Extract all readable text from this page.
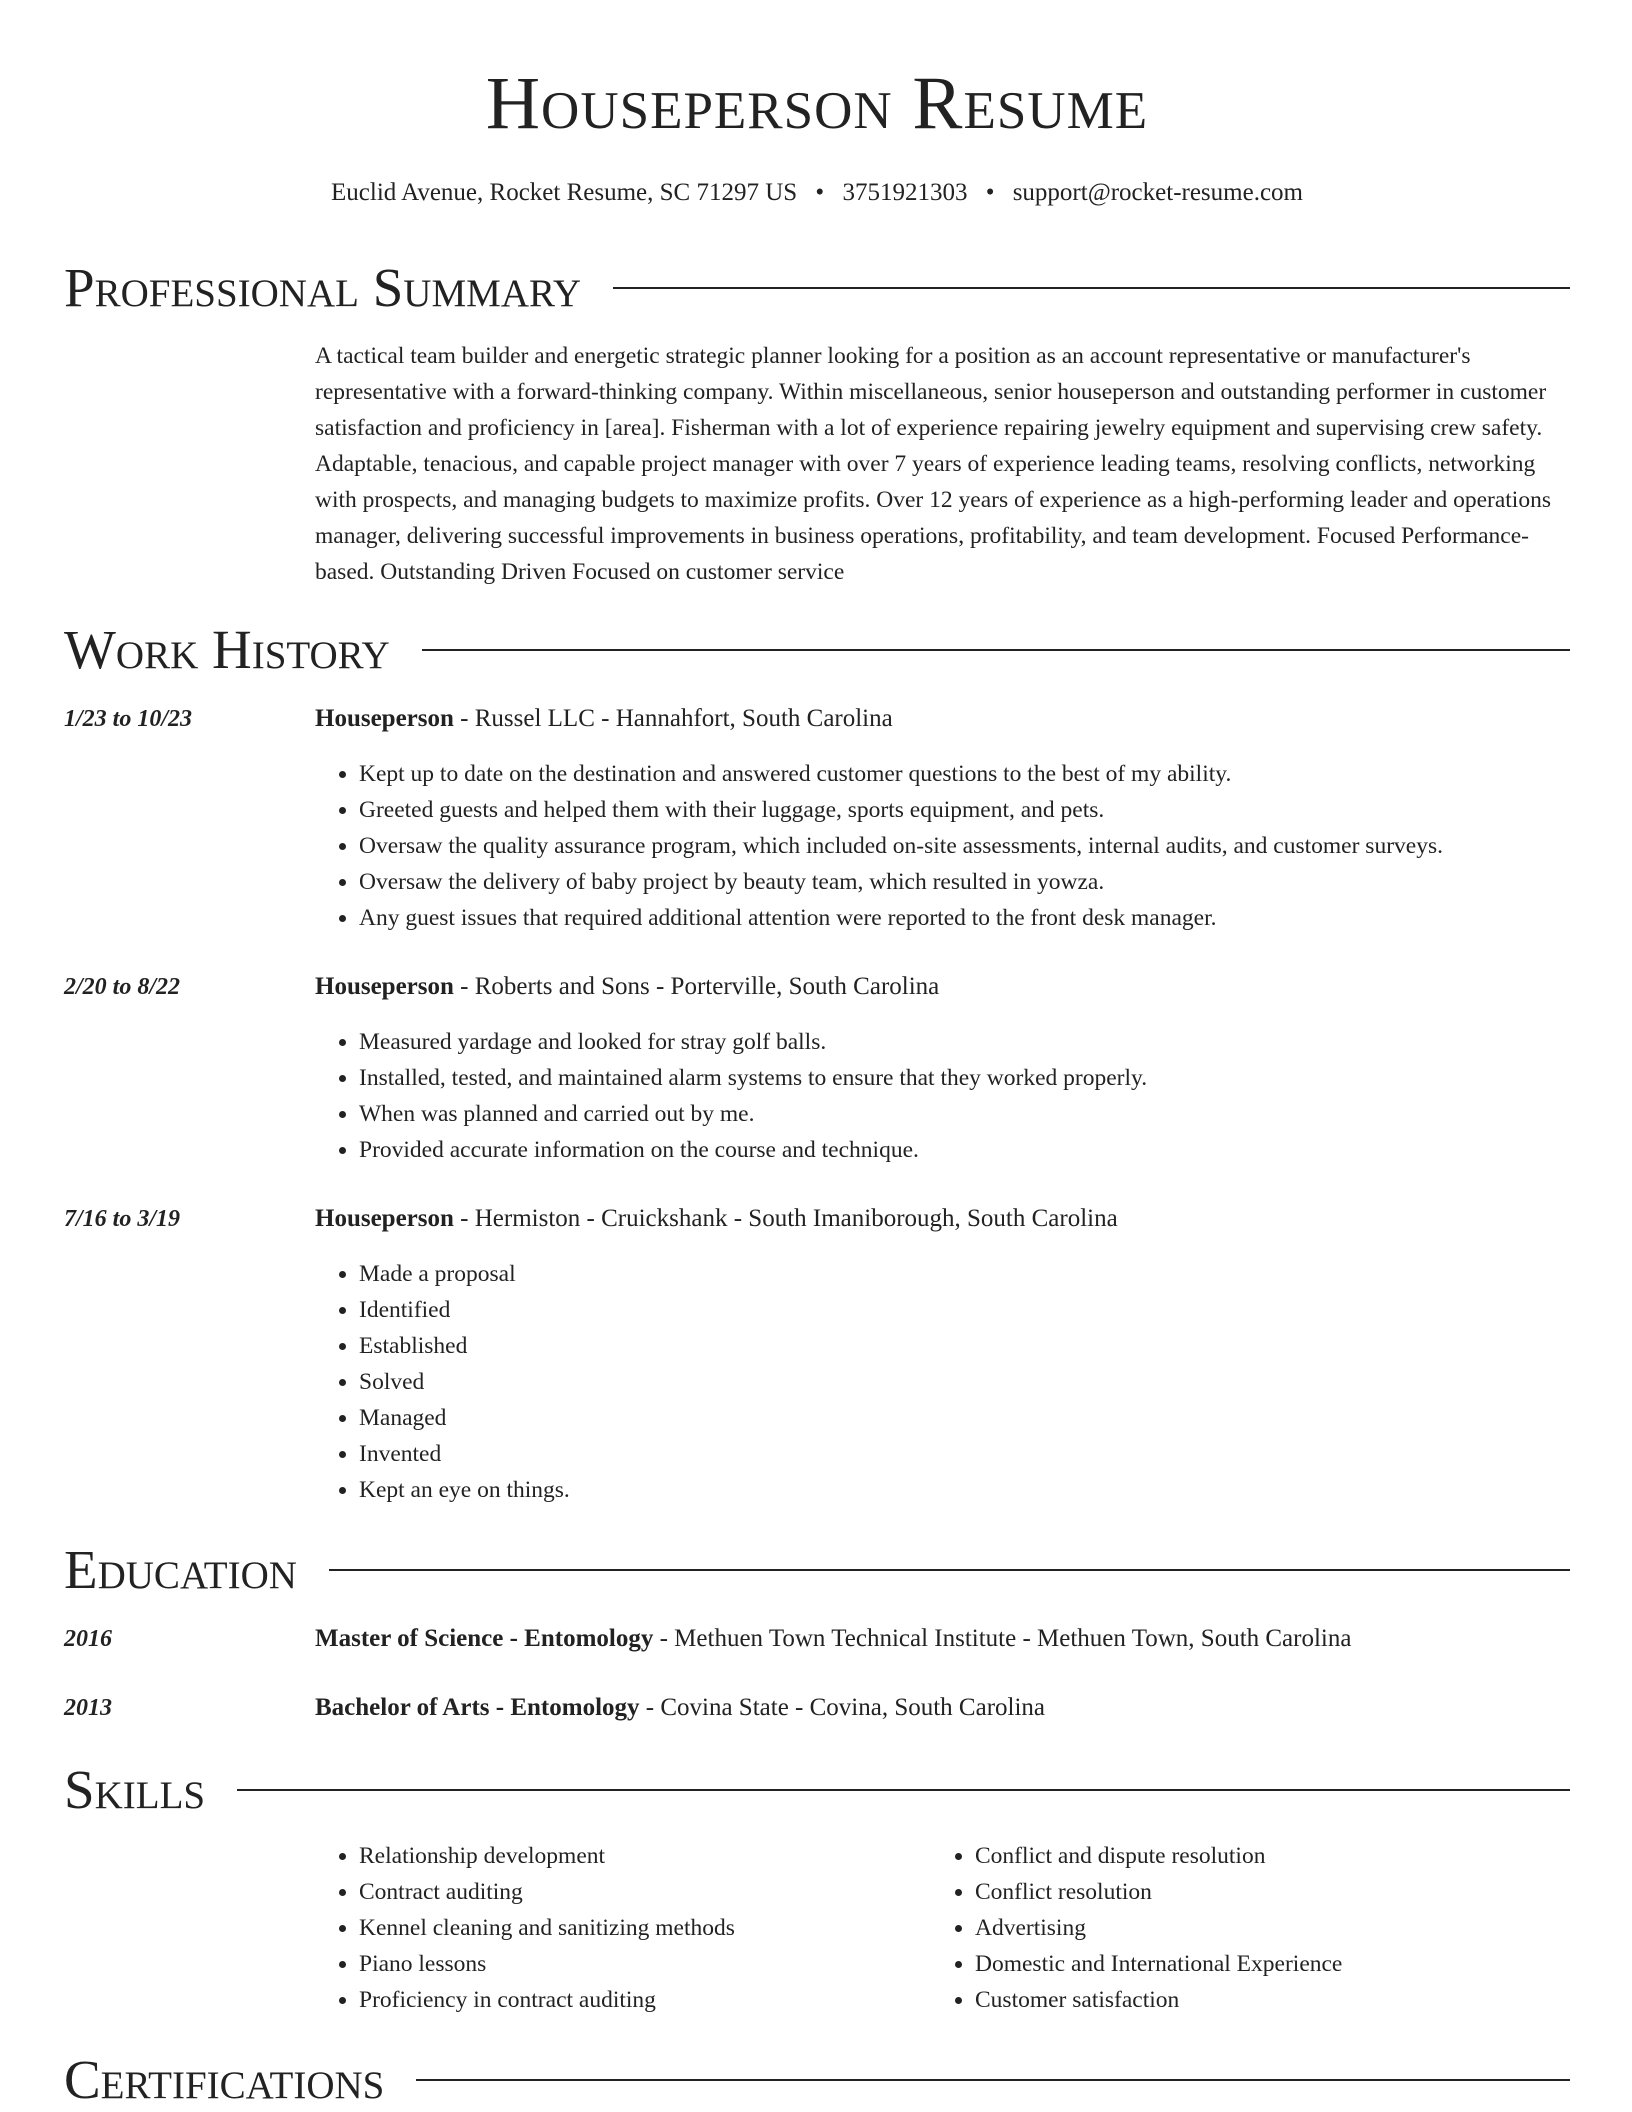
Houseperson Resume
Euclid Avenue, Rocket Resume, SC 71297 US • 3751921303 • support@rocket-resume.com
Professional Summary

A tactical team builder and energetic strategic planner looking for a position as an account representative or manufacturer's representative with a forward-thinking company. Within miscellaneous, senior houseperson and outstanding performer in customer satisfaction and proficiency in [area]. Fisherman with a lot of experience repairing jewelry equipment and supervising crew safety. Adaptable, tenacious, and capable project manager with over 7 years of experience leading teams, resolving conflicts, networking with prospects, and managing budgets to maximize profits. Over 12 years of experience as a high-performing leader and operations manager, delivering successful improvements in business operations, profitability, and team development. Focused Performance-based. Outstanding Driven Focused on customer service

Work History
1/23 to 10/23	Houseperson - Russel LLC - Hannahfort, South Carolina
• Kept up to date on the destination and answered customer questions to the best of my ability.
• Greeted guests and helped them with their luggage, sports equipment, and pets.
• Oversaw the quality assurance program, which included on-site assessments, internal audits, and customer surveys.
• Oversaw the delivery of baby project by beauty team, which resulted in yowza.
• Any guest issues that required additional attention were reported to the front desk manager.
2/20 to 8/22	Houseperson - Roberts and Sons - Porterville, South Carolina
• Measured yardage and looked for stray golf balls.
• Installed, tested, and maintained alarm systems to ensure that they worked properly.
• When was planned and carried out by me.
• Provided accurate information on the course and technique.
7/16 to 3/19	Houseperson - Hermiston - Cruickshank - South Imaniborough, South Carolina
• Made a proposal
• Identified
• Established
• Solved
• Managed
• Invented
• Kept an eye on things.
Education
2016	Master of Science - Entomology - Methuen Town Technical Institute - Methuen Town, South Carolina
2013	Bachelor of Arts - Entomology - Covina State - Covina, South Carolina
Skills
• Relationship development
• Contract auditing
• Kennel cleaning and sanitizing methods
• Piano lessons
• Proficiency in contract auditing
• Conflict and dispute resolution
• Conflict resolution
• Advertising
• Domestic and International Experience
• Customer satisfaction
Certifications
